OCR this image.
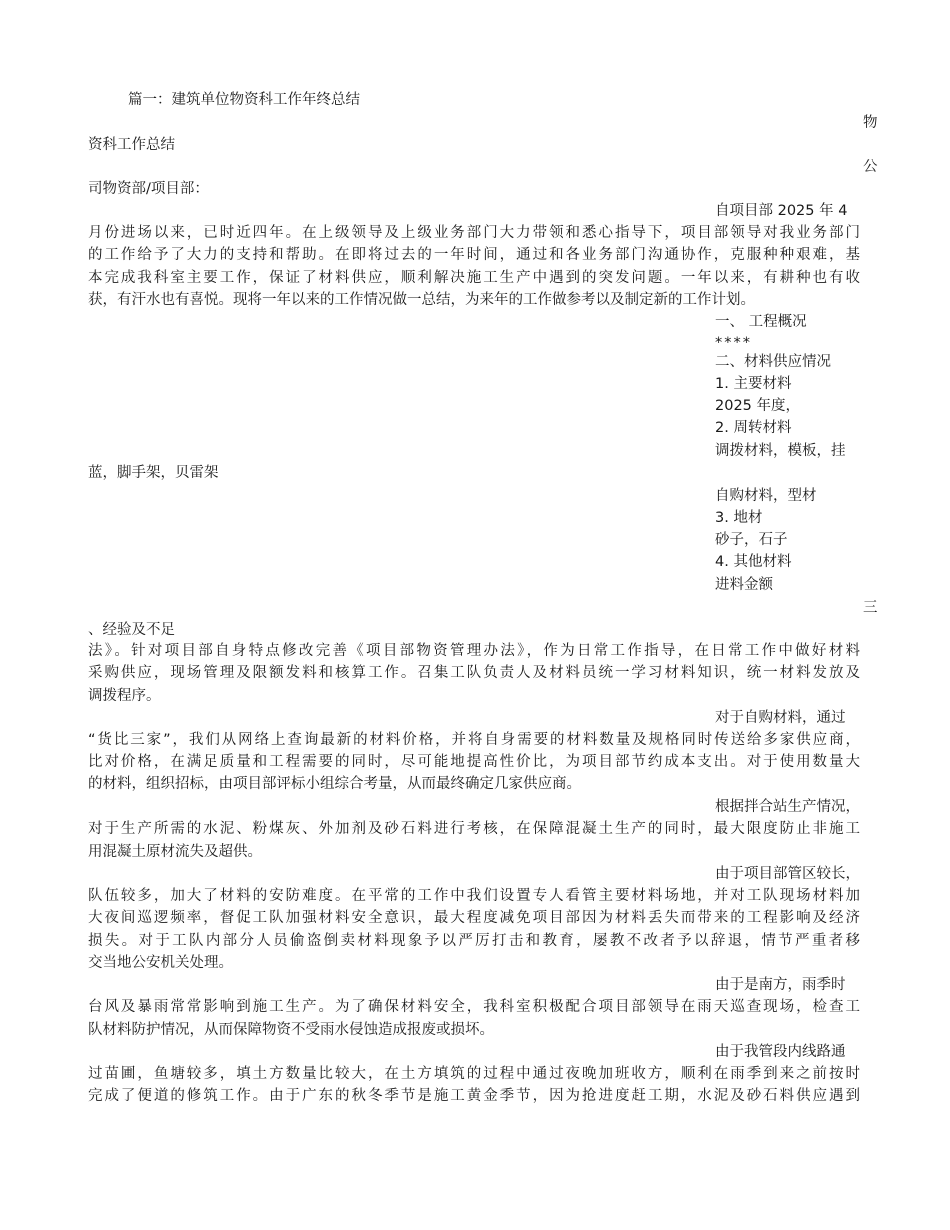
篇一：建筑单位物资科工作年终总结
物
资科工作总结
公
司物资部/项目部：
自项目部 2025 年 4
月份进场以来，已时近四年。在上级领导及上级业务部门大力带领和悉心指导下，项目部领导对我业务部门
的工作给予了大力的支持和帮助。在即将过去的一年时间，通过和各业务部门沟通协作，克服种种艰难，基
本完成我科室主要工作，保证了材料供应，顺利解决施工生产中遇到的突发问题。一年以来，有耕种也有收
获，有汗水也有喜悦。现将一年以来的工作情况做一总结，为来年的工作做参考以及制定新的工作计划。
一、 工程概况
****
二、材料供应情况
1. 主要材料
2025 年度，
2. 周转材料
调拨材料，模板，挂
蓝，脚手架，贝雷架
自购材料，型材
3. 地材
砂子，石子
4. 其他材料
进料金额
三
、经验及不足
法》。针对项目部自身特点修改完善《项目部物资管理办法》，作为日常工作指导，在日常工作中做好材料
采购供应，现场管理及限额发料和核算工作。召集工队负责人及材料员统一学习材料知识，统一材料发放及
调拨程序。
对于自购材料，通过
“货比三家”，我们从网络上查询最新的材料价格，并将自身需要的材料数量及规格同时传送给多家供应商，
比对价格，在满足质量和工程需要的同时，尽可能地提高性价比，为项目部节约成本支出。对于使用数量大
的材料，组织招标，由项目部评标小组综合考量，从而最终确定几家供应商。
根据拌合站生产情况，
对于生产所需的水泥、粉煤灰、外加剂及砂石料进行考核，在保障混凝土生产的同时，最大限度防止非施工
用混凝土原材流失及超供。
由于项目部管区较长，
队伍较多，加大了材料的安防难度。在平常的工作中我们设置专人看管主要材料场地，并对工队现场材料加
大夜间巡逻频率，督促工队加强材料安全意识，最大程度减免项目部因为材料丢失而带来的工程影响及经济
损失。对于工队内部分人员偷盗倒卖材料现象予以严厉打击和教育，屡教不改者予以辞退，情节严重者移
交当地公安机关处理。
由于是南方，雨季时
台风及暴雨常常影响到施工生产。为了确保材料安全，我科室积极配合项目部领导在雨天巡查现场，检查工
队材料防护情况，从而保障物资不受雨水侵蚀造成报废或损坏。
由于我管段内线路通
过苗圃，鱼塘较多，填土方数量比较大，在土方填筑的过程中通过夜晚加班收方，顺利在雨季到来之前按时
完成了便道的修筑工作。由于广东的秋冬季节是施工黄金季节，因为抢进度赶工期，水泥及砂石料供应遇到
